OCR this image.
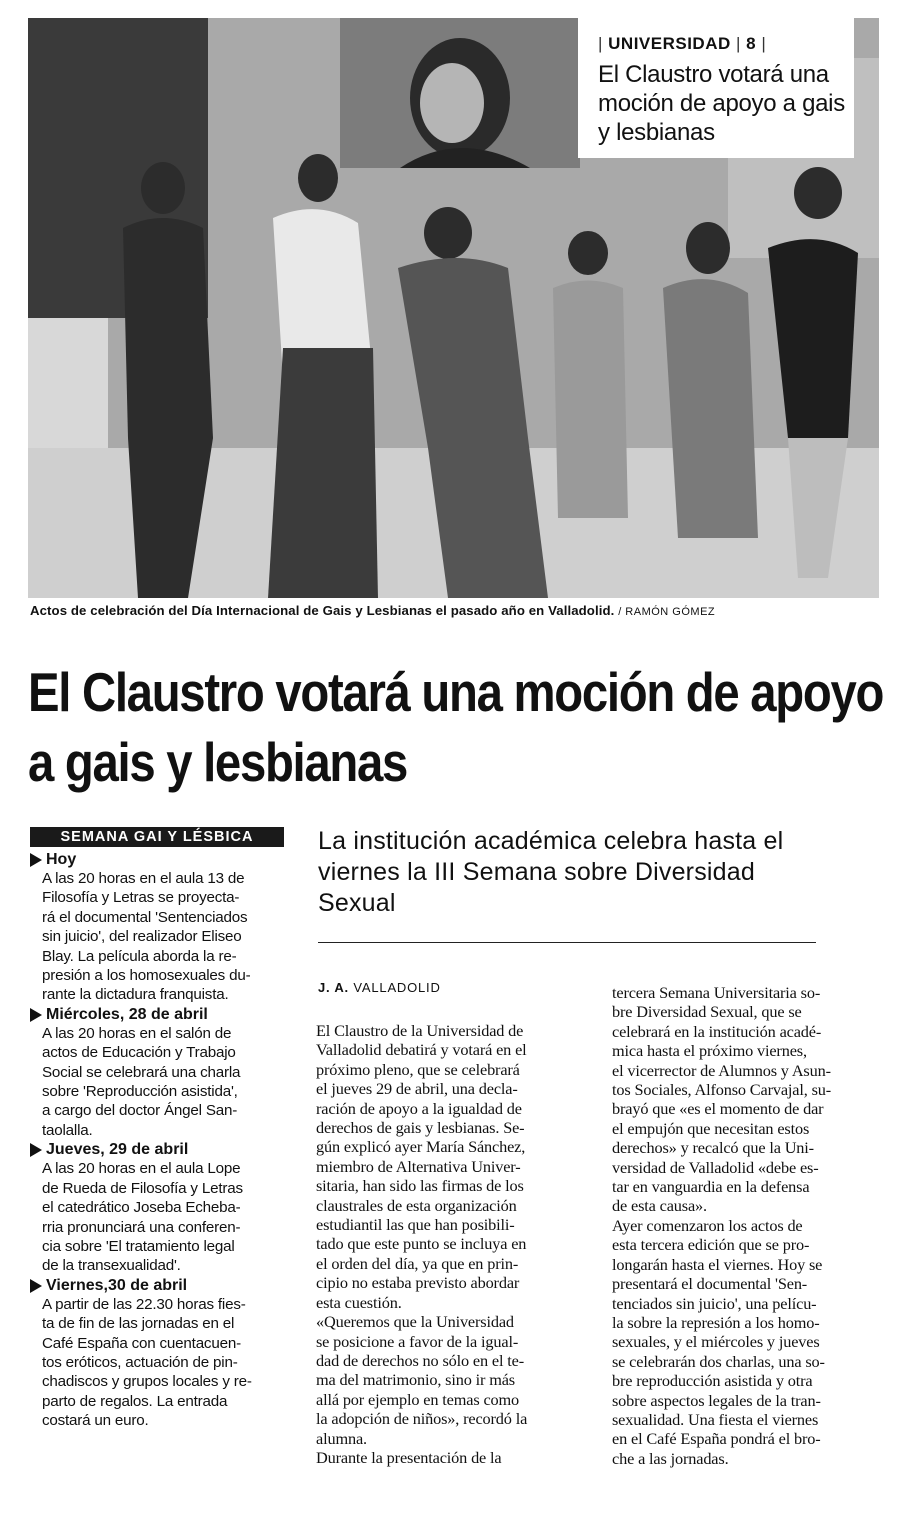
| UNIVERSIDAD | 8 |
El Claustro votará una moción de apoyo a gais y lesbianas
Actos de celebración del Día Internacional de Gais y Lesbianas el pasado año en Valladolid. / RAMÓN GÓMEZ
El Claustro votará una moción de apoyo a gais y lesbianas
SEMANA GAI Y LÉSBICA
Hoy
A las 20 horas en el aula 13 de
Filosofía y Letras se proyecta-
rá el documental 'Sentenciados
sin juicio', del realizador Eliseo
Blay. La película aborda la re-
presión a los homosexuales du-
rante la dictadura franquista.
Miércoles, 28 de abril
A las 20 horas en el salón de
actos de Educación y Trabajo
Social se celebrará una charla
sobre 'Reproducción asistida',
a cargo del doctor Ángel San-
taolalla.
Jueves, 29 de abril
A las 20 horas en el aula Lope
de Rueda de Filosofía y Letras
el catedrático Joseba Echeba-
rria pronunciará una conferen-
cia sobre 'El tratamiento legal
de la transexualidad'.
Viernes,30 de abril
A partir de las 22.30 horas fies-
ta de fin de las jornadas en el
Café España con cuentacuen-
tos eróticos, actuación de pin-
chadiscos y grupos locales y re-
parto de regalos. La entrada
costará un euro.
La institución académica celebra hasta el viernes la III Semana sobre Diversidad Sexual
J. A. VALLADOLID
El Claustro de la Universidad de
Valladolid debatirá y votará en el
próximo pleno, que se celebrará
el jueves 29 de abril, una decla-
ración de apoyo a la igualdad de
derechos de gais y lesbianas. Se-
gún explicó ayer María Sánchez,
miembro de Alternativa Univer-
sitaria, han sido las firmas de los
claustrales de esta organización
estudiantil las que han posibili-
tado que este punto se incluya en
el orden del día, ya que en prin-
cipio no estaba previsto abordar
esta cuestión.
«Queremos que la Universidad
se posicione a favor de la igual-
dad de derechos no sólo en el te-
ma del matrimonio, sino ir más
allá por ejemplo en temas como
la adopción de niños», recordó la
alumna.
Durante la presentación de la
tercera Semana Universitaria so-
bre Diversidad Sexual, que se
celebrará en la institución acadé-
mica hasta el próximo viernes,
el vicerrector de Alumnos y Asun-
tos Sociales, Alfonso Carvajal, su-
brayó que «es el momento de dar
el empujón que necesitan estos
derechos» y recalcó que la Uni-
versidad de Valladolid «debe es-
tar en vanguardia en la defensa
de esta causa».
Ayer comenzaron los actos de
esta tercera edición que se pro-
longarán hasta el viernes. Hoy se
presentará el documental 'Sen-
tenciados sin juicio', una pelícu-
la sobre la represión a los homo-
sexuales, y el miércoles y jueves
se celebrarán dos charlas, una so-
bre reproducción asistida y otra
sobre aspectos legales de la tran-
sexualidad. Una fiesta el viernes
en el Café España pondrá el bro-
che a las jornadas.
